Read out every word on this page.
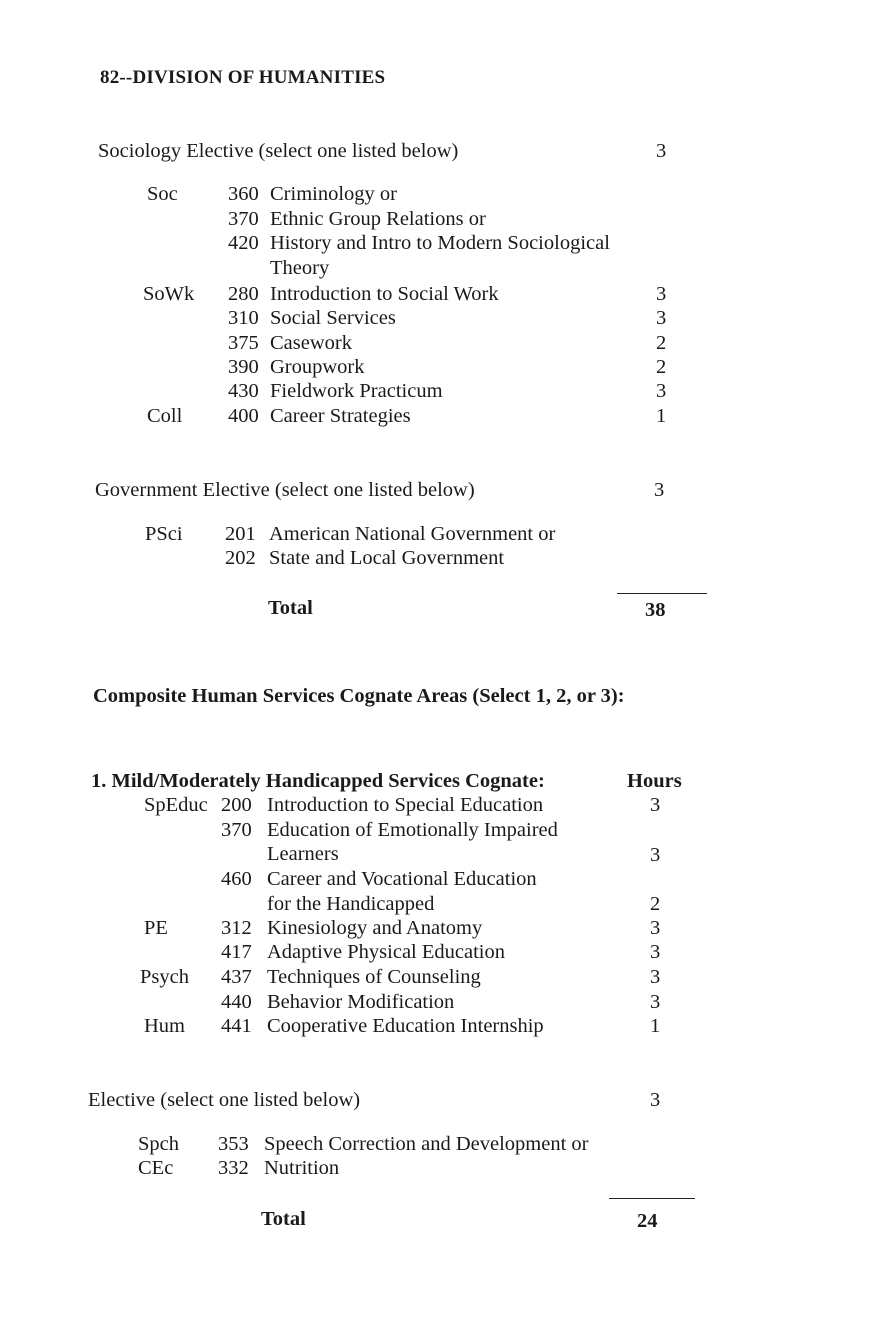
82--DIVISION OF HUMANITIES
Sociology Elective (select one listed below)	3
Soc 360 Criminology or
370 Ethnic Group Relations or
420 History and Intro to Modern Sociological
Theory
SoWk 280 Introduction to Social Work	3
310 Social Services	3
375 Casework	2
390 Groupwork	2
430 Fieldwork Practicum	3
Coll 400 Career Strategies	1
Government Elective (select one listed below)	3
PSci 201 American National Government or
202 State and Local Government
Total	38
Composite Human Services Cognate Areas (Select 1, 2, or 3):
1. Mild/Moderately Handicapped Services Cognate:	Hours
SpEduc 200 Introduction to Special Education	3
370 Education of Emotionally Impaired
Learners	3
460 Career and Vocational Education
for the Handicapped	2
PE	312 Kinesiology and Anatomy	3
417 Adaptive Physical Education	3
Psych 437 Techniques of Counseling	3
440 Behavior Modification	3
Hum 441 Cooperative Education Internship	1
Elective (select one listed below)	3
Spch 353 Speech Correction and Development or
CEc 332 Nutrition
Total	24
